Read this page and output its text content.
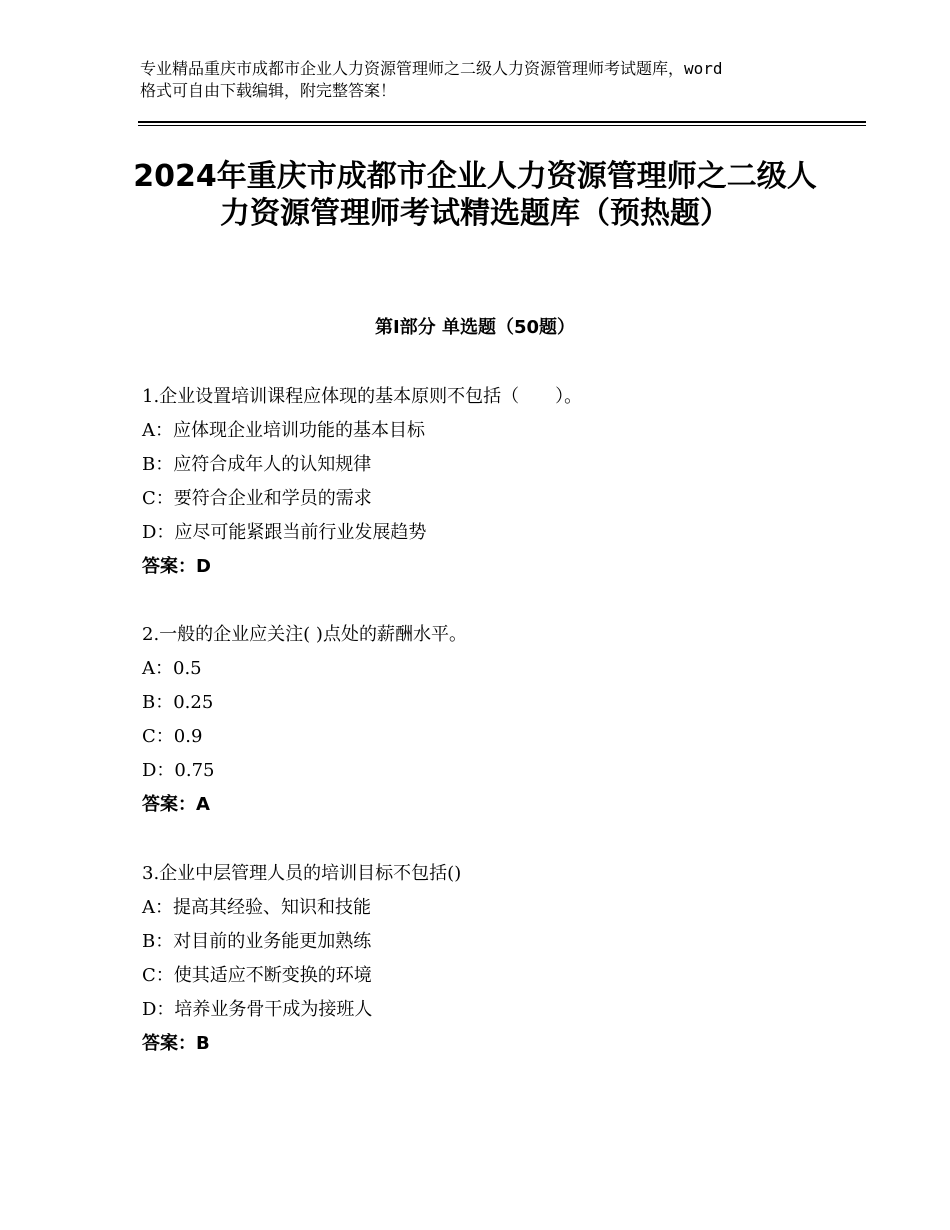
专业精品重庆市成都市企业人力资源管理师之二级人力资源管理师考试题库，word
格式可自由下载编辑，附完整答案！
2024年重庆市成都市企业人力资源管理师之二级人力资源管理师考试精选题库（预热题）
第Ⅰ部分 单选题（50题）
1.企业设置培训课程应体现的基本原则不包括（　　）。
A：应体现企业培训功能的基本目标
B：应符合成年人的认知规律
C：要符合企业和学员的需求
D：应尽可能紧跟当前行业发展趋势
答案：D
2.一般的企业应关注( )点处的薪酬水平。
A：0.5
B：0.25
C：0.9
D：0.75
答案：A
3.企业中层管理人员的培训目标不包括()
A：提高其经验、知识和技能
B：对目前的业务能更加熟练
C：使其适应不断变换的环境
D：培养业务骨干成为接班人
答案：B
